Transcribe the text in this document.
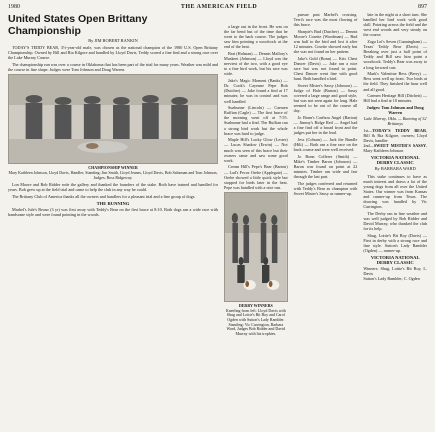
1980	THE AMERICAN FIELD	897
United States Open Brittany Championship
By JIM ROBERT RANKIN

TODAY'S TEDDY BEAR, 3½-year-old male, was chosen as the national champion of the 1980 U.S. Open Brittany Championship. Owned by Bill and Ria Kilgore and handled by Lloyd Davis, Teddy scored a fine find and a strong race over the Lake Murray Course.

The championship run was over a course in Oklahoma that has been part of the trial for many years. Weather was mild and the course in fine shape. Judges were Tom Johnson and Doug Warren.

CHAMPIONSHIP WINNER
Mary Kathleen Johnson, Lloyd Davis, Handler, Standing; Jim Smith, Lloyd Jeanes, Lloyd Davis, Bob Saltzman and Tom Johnson, Judges; Ross Ridgeway.

Lon Moore and Bob Ridder rode the gallery and thanked the founders of the stake. Both have trained and handled for years. Bob grew up at the field trial and came to help the club in any way he could.

The Brittany Club of America thanks all the owners and handlers for a pleasant trial and a fine group of dogs.

THE RUNNING

Marbel's Jule's Bruno (3 yr) was first away with Teddy's Bear on the first brace at 8:10. Both dogs ran a wide race with handsome style and were found pointing in the woods.

a large out in the front. He was on the far bend but of the time that he went to the back course. The judges saw him pointing a woodcock at the end of the heat.

Brat (Holman) — Dennis Mallory's Muskeet (Johnson) — Lloyd was the nerviest of the two, with a good eye to a fine bird work, but his race was wide.

Jake's Magic Moment (Banks) — Dr. Cook's Cayenne Pepe Bob (Dutcher) — Jake found a find at 17 minutes; he was in control and was well handled.

Suzbunne (Lincoln) — Carmen Ruffian (Cagle) — The first brace of the morning went off at 7:55. Suzbunne had a find. The Ruffian ran a strong bird work but the whole brace was hard to judge.

Maple Hill's Lucky Glow (Lester) — Lucas Shadow (Erwin) — Not much was seen of this brace but their owners came and saw some good work.

Cream Hill's Pepe's Bear (Barton) — Lad's Pecos Orebe (Applegate) — Orebe showed a little quick style but stopped for birds later in the heat. Pepe was handled with a nice run.

DERBY WINNERS
Kneeling from left: Lloyd Davis with Shug and Lottie's Bit Boy and Carol Ogden with Sutton's Lady Rambler. Standing: Vic Carrington, Barbara Ward, Judges Bob Ridder and David Murray with his trophies.

pursue past Marbel's crossing. Terri's race was the most flowing of this brace.

Sharpie's Bud (Dutcher) — Dennis Moore's Cosette (Woodman) — Bud was half to the bird and lost it after 12 minutes. Cosette showed early but she was not found on her pattern.

Jake's Gold (Bonn) — Kris Chest Dancer (Davis) — Jake ran a nice race but was not found to point. Chest Dancer went fine with good hunt. Both handled a bird.

Sweet Mister's Sassy (Johnson) — Judge of Hale (Barton) — Sassy covered a large range and good style, but was not seen again for long. Hale seemed to be out of the course all day.

Jo Bonn's Caribou Angel (Barton) — Jimmy's Ridge Red — Angel had a fine find off a broad front and the judges put her in the lead.

Jess (Coburn) — Jack the Bundle (Hili) — Both ran a fine race on the back course and were well received.

Jo Bonn Collerer (Smith) — Mike's Timber Baron (Johnson) — Baron was found on point at 22 minutes. Timber ran wide and fast through the last part.

The judges conferred and returned with Teddy's Bear as champion with Sweet Mister's Sassy as runner-up.

late in the night at a short turn. She handled her bird work with good skill. Pointing across the field and the west end woods and very steady on the course.

Zaga Lei's Seven (Cunningham) — Texas' Teddy Bear (Davis) — Breaking over just a half point of Teddy and Bill saw him point a woodcock. Teddy's Bear was away to a long forward cast.

Mark's Valentine Bess (Berry) — Bess went well up front. Two birds at the field. They finished the hour well and all good.

Carmen Heritage Hill (Ditchett) — Hill had a find at 10 minutes.

Judges: Tom Johnson and Doug Warren
Lake Murray, Okla. — Running of 32 Brittanys
1st—TODAY'S TEDDY BEAR, Bill & Ria Kilgore, owners; Lloyd Davis, handler
2nd—SWEET MISTER'S SASSY, Mary Kathleen Johnson
VICTORIA NATIONAL DERBY CLASSIC
By BARBARA WARD

This stake continues to have as much interest and draws a lot of the young dogs from all over the United States. Our winner was from Kansas and runner-up from Texas. The drawing was handled by Vic Carrington.

The Derby ran in fine weather and was well judged by Bob Ridder and David Murray, who thanked the club for its help.

Shug, Lottie's Bit Boy (Davis) — First in derby with a strong race and fine style. Sutton's Lady Rambler (Ogden) — runner-up.

VICTORIA NATIONAL DERBY CLASSIC
Winners: Shug, Lottie's Bit Boy, L. Davis
Sutton's Lady Rambler, C. Ogden
